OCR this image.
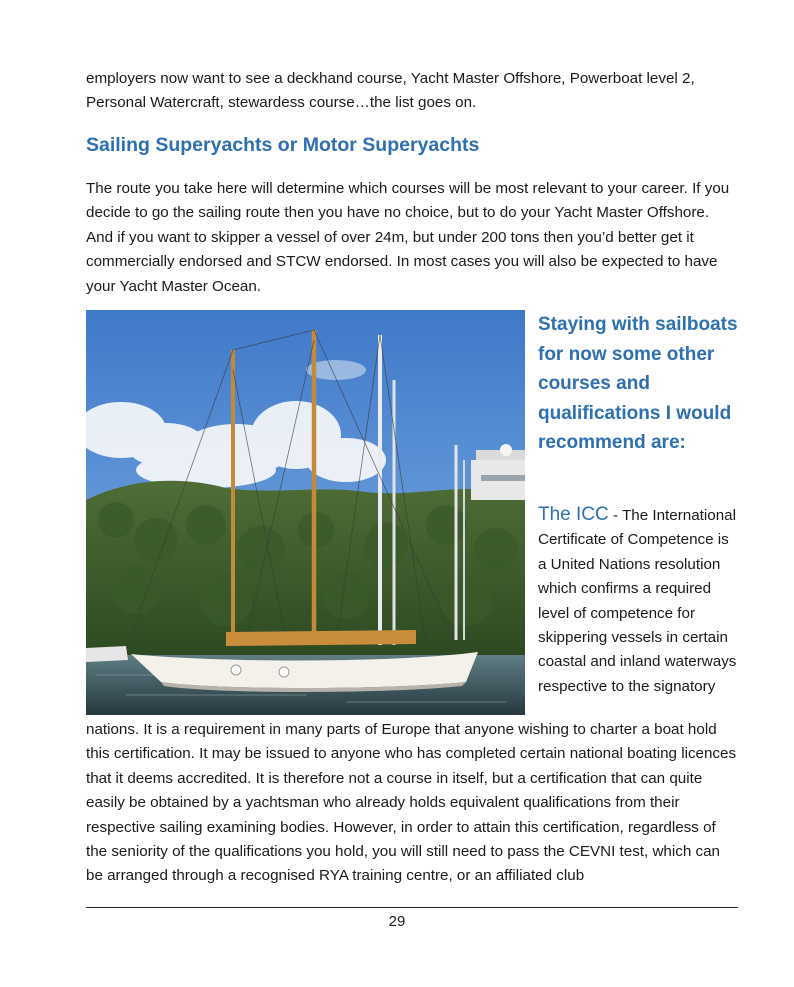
employers now want to see a deckhand course, Yacht Master Offshore, Powerboat level 2, Personal Watercraft, stewardess course…the list goes on.

Sailing Superyachts or Motor Superyachts

The route you take here will determine which courses will be most relevant to your career. If you decide to go the sailing route then you have no choice, but to do your Yacht Master Offshore. And if you want to skipper a vessel of over 24m, but under 200 tons then you’d better get it commercially endorsed and STCW endorsed. In most cases you will also be expected to have your Yacht Master Ocean.

Staying with sailboats for now some other courses and qualifications I would recommend are:

The ICC - The International Certificate of Competence is a United Nations resolution which confirms a required level of competence for skippering vessels in certain coastal and inland waterways respective to the signatory

nations. It is a requirement in many parts of Europe that anyone wishing to charter a boat hold this certification. It may be issued to anyone who has completed certain national boating licences that it deems accredited. It is therefore not a course in itself, but a certification that can quite easily be obtained by a yachtsman who already holds equivalent qualifications from their respective sailing examining bodies. However, in order to attain this certification, regardless of the seniority of the qualifications you hold, you will still need to pass the CEVNI test, which can be arranged through a recognised RYA training centre, or an affiliated club

29
